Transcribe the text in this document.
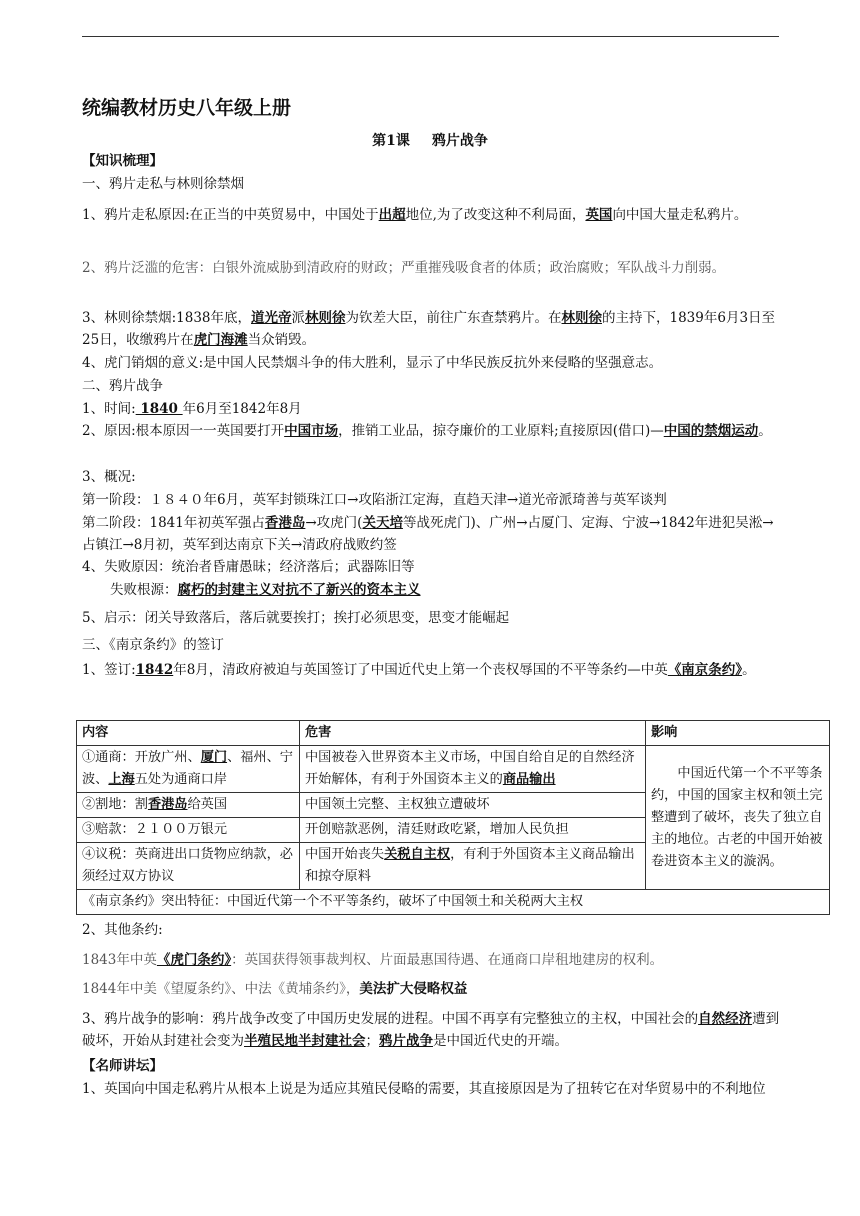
统编教材历史八年级上册
第1课 鸦片战争
【知识梳理】
一、鸦片走私与林则徐禁烟
1、鸦片走私原因:在正当的中英贸易中，中国处于出超地位,为了改变这种不利局面，英国向中国大量走私鸦片。
2、鸦片泛滥的危害：白银外流威胁到清政府的财政；严重摧残吸食者的体质；政治腐败；军队战斗力削弱。
3、林则徐禁烟:1838年底，道光帝派林则徐为钦差大臣，前往广东查禁鸦片。在林则徐的主持下，1839年6月3日至25日，收缴鸦片在虎门海滩当众销毁。
4、虎门销烟的意义:是中国人民禁烟斗争的伟大胜利，显示了中华民族反抗外来侵略的坚强意志。
二、鸦片战争
1、时间: 1840 年6月至1842年8月
2、原因:根本原因一一英国要打开中国市场，推销工业品，掠夺廉价的工业原料;直接原因(借口)—中国的禁烟运动。
3、概况:
第一阶段：１８４０年6月，英军封锁珠江口→攻陷浙江定海，直趋天津→道光帝派琦善与英军谈判
第二阶段：1841年初英军强占香港岛→攻虎门(关天培等战死虎门)、广州→占厦门、定海、宁波→1842年进犯吴淞→占镇江→8月初，英军到达南京下关→清政府战败约签
4、失败原因：统治者昏庸愚昧；经济落后；武器陈旧等
失败根源：腐朽的封建主义对抗不了新兴的资本主义
5、启示：闭关导致落后，落后就要挨打；挨打必须思变，思变才能崛起
三、《南京条约》的签订
1、签订:1842年8月，清政府被迫与英国签订了中国近代史上第一个丧权辱国的不平等条约—中英《南京条约》。
内容	危害	影响
①通商：开放广州、厦门、福州、宁波、上海五处为通商口岸	中国被卷入世界资本主义市场，中国自给自足的自然经济开始解体，有利于外国资本主义的商品输出	中国近代第一个不平等条约，中国的国家主权和领土完整遭到了破坏，丧失了独立自主的地位。古老的中国开始被卷进资本主义的漩涡。
②割地：割香港岛给英国	中国领土完整、主权独立遭破坏	
③赔款：２１００万银元	开创赔款恶例，清廷财政吃紧，增加人民负担	
④议税：英商进出口货物应纳款，必须经过双方协议	中国开始丧失关税自主权，有利于外国资本主义商品输出和掠夺原料	
《南京条约》突出特征：中国近代第一个不平等条约，破坏了中国领土和关税两大主权		
2、其他条约:
1843年中英《虎门条约》：英国获得领事裁判权、片面最惠国待遇、在通商口岸租地建房的权利。
1844年中美《望厦条约》、中法《黄埔条约》，美法扩大侵略权益
3、鸦片战争的影响：鸦片战争改变了中国历史发展的进程。中国不再享有完整独立的主权，中国社会的自然经济遭到破坏，开始从封建社会变为半殖民地半封建社会；鸦片战争是中国近代史的开端。
【名师讲坛】
1、英国向中国走私鸦片从根本上说是为适应其殖民侵略的需要，其直接原因是为了扭转它在对华贸易中的不利地位
